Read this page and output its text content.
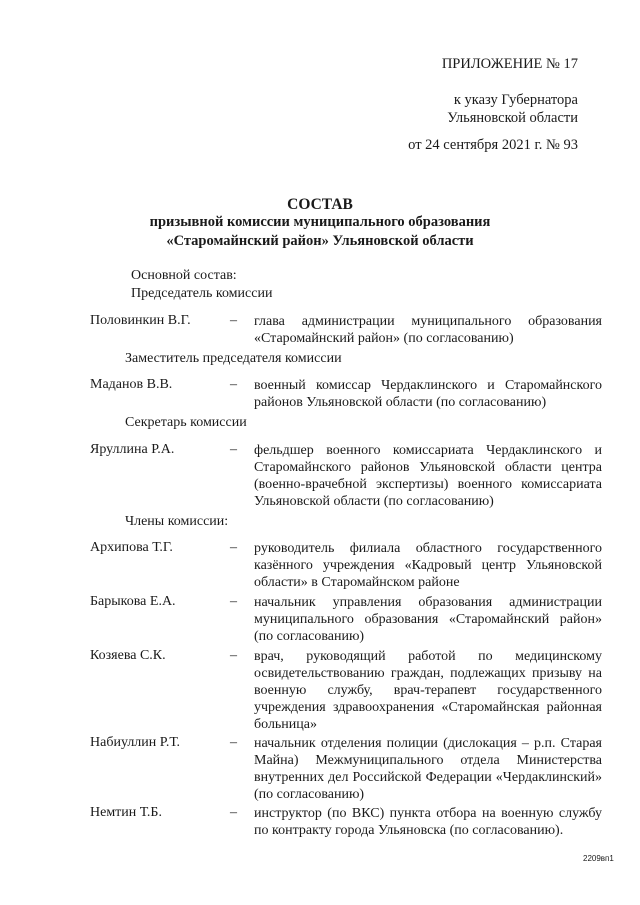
ПРИЛОЖЕНИЕ № 17
к указу Губернатора
Ульяновской области
от 24 сентября 2021 г. № 93
СОСТАВ
призывной комиссии муниципального образования
«Старомайнский район» Ульяновской области
Основной состав:
Председатель комиссии
Половинкин В.Г.	– глава администрации муниципального образования «Старомайнский район» (по согласованию)
Заместитель председателя комиссии
Маданов В.В.	– военный комиссар Чердаклинского и Старомайнского районов Ульяновской области (по согласованию)
Секретарь комиссии
Яруллина Р.А.	– фельдшер военного комиссариата Чердаклинского и Старомайнского районов Ульяновской области центра (военно-врачебной экспертизы) военного комиссариата Ульяновской области (по согласованию)
Члены комиссии:
Архипова Т.Г.	– руководитель филиала областного государственного казённого учреждения «Кадровый центр Ульяновской области» в Старомайнском районе
Барыкова Е.А.	– начальник управления образования администрации муниципального образования «Старомайнский район» (по согласованию)
Козяева С.К.	– врач, руководящий работой по медицинскому освидетельствованию граждан, подлежащих призыву на военную службу, врач-терапевт государственного учреждения здравоохранения «Старомайнская районная больница»
Набиуллин Р.Т.	– начальник отделения полиции (дислокация – р.п. Старая Майна) Межмуниципального отдела Министерства внутренних дел Российской Федерации «Чердаклинский» (по согласованию)
Немтин Т.Б.	– инструктор (по ВКС) пункта отбора на военную службу по контракту города Ульяновска (по согласованию).
2209вп1
